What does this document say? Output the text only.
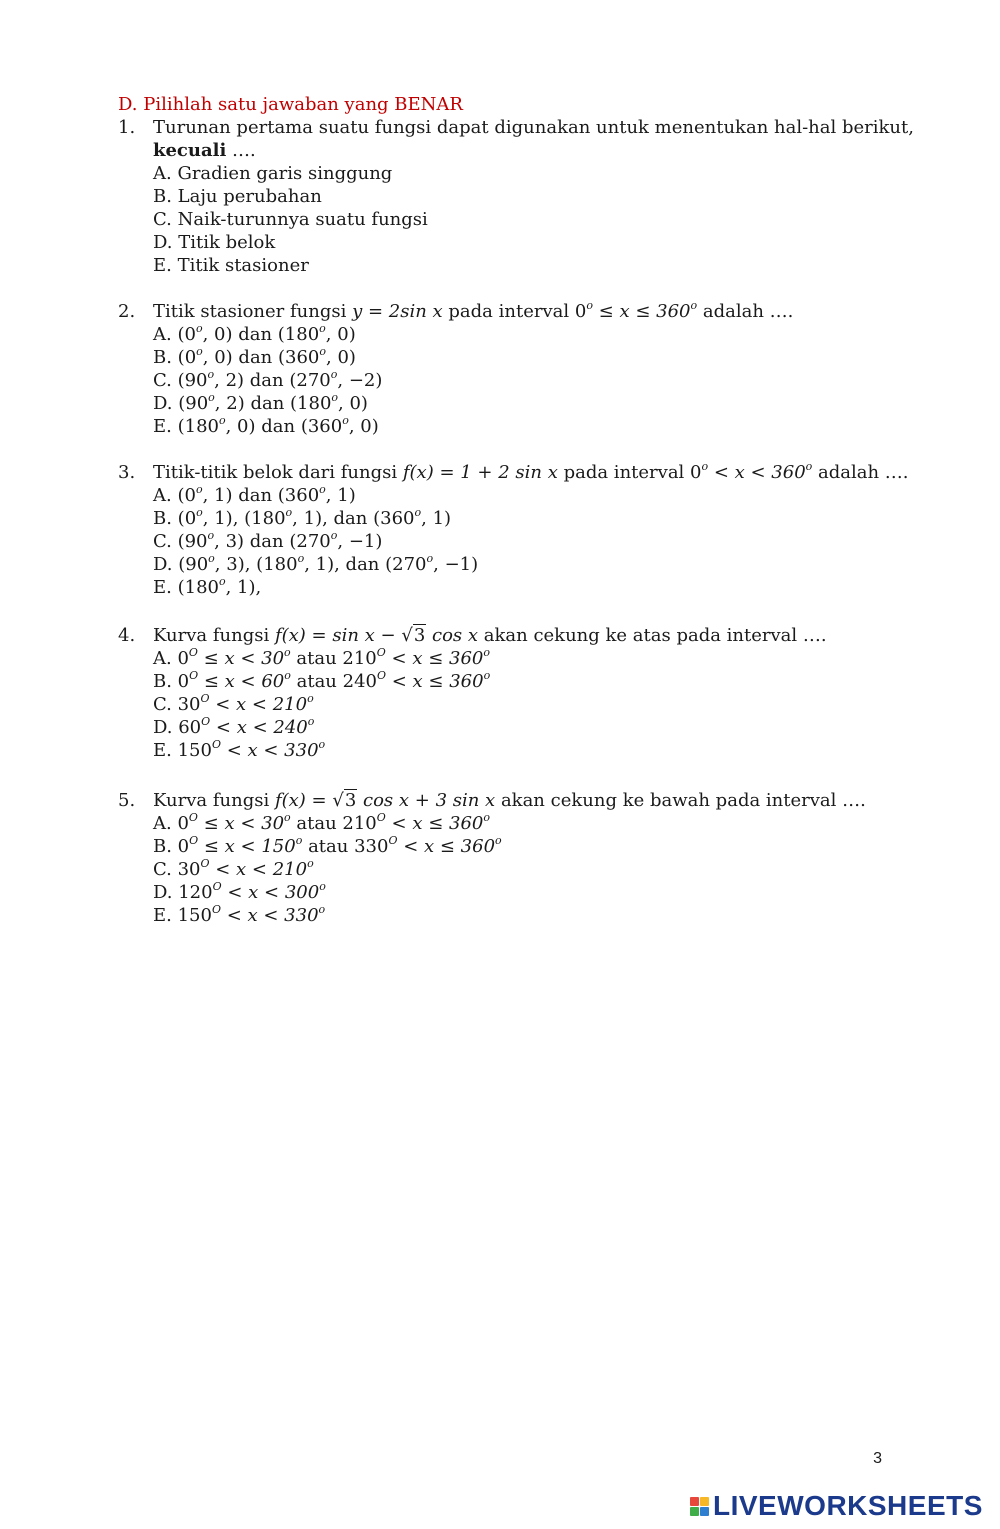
D. Pilihlah satu jawaban yang BENAR
1. Turunan pertama suatu fungsi dapat digunakan untuk menentukan hal-hal berikut,
kecuali ….
A. Gradien garis singgung
B. Laju perubahan
C. Naik-turunnya suatu fungsi
D. Titik belok
E. Titik stasioner
2. Titik stasioner fungsi y = 2sin x pada interval $0^o \le x \le 360^o$ adalah ….
A. (0$^o$, 0) dan (180$^o$, 0)
B. (0$^o$, 0) dan (360$^o$, 0)
C. (90$^o$, 2) dan ($270^o$, −2)
D. (90$^o$, 2) dan (180$^o$, 0)
E. (180$^o$, 0) dan (360$^o$, 0)
3. Titik-titik belok dari fungsi f(x) = 1 + 2 sin x pada interval $0^o < x < 360^o$ adalah ….
A. (0$^o$, 1) dan (360$^o$, 1)
B. (0$^o$, 1), (180$^o$, 1), dan (360$^o$, 1)
C. (90$^o$, 3) dan ($270^o$, −1)
D. (90$^o$, 3), (180$^o$, 1), dan ($270^o$, −1)
E. (180$^o$, 1),
4. Kurva fungsi f(x) = sin x − √3 cos x akan cekung ke atas pada interval ….
A. $0^O \le x < 30^o$ atau $210^O < x \le 360^o$
B. $0^O \le x < 60^o$ atau $240^O < x \le 360^o$
C. $30^O < x < 210^o$
D. $60^O < x < 240^o$
E. $150^O < x < 330^o$
5. Kurva fungsi f(x) = √3 cos x + 3 sin x akan cekung ke bawah pada interval ….
A. $0^O \le x < 30^o$ atau $210^O < x \le 360^o$
B. $0^O \le x < 150^o$ atau $330^O < x \le 360^o$
C. $30^O < x < 210^o$
D. $120^O < x < 300^o$
E. $150^O < x < 330^o$
3
LIVEWORKSHEETS
